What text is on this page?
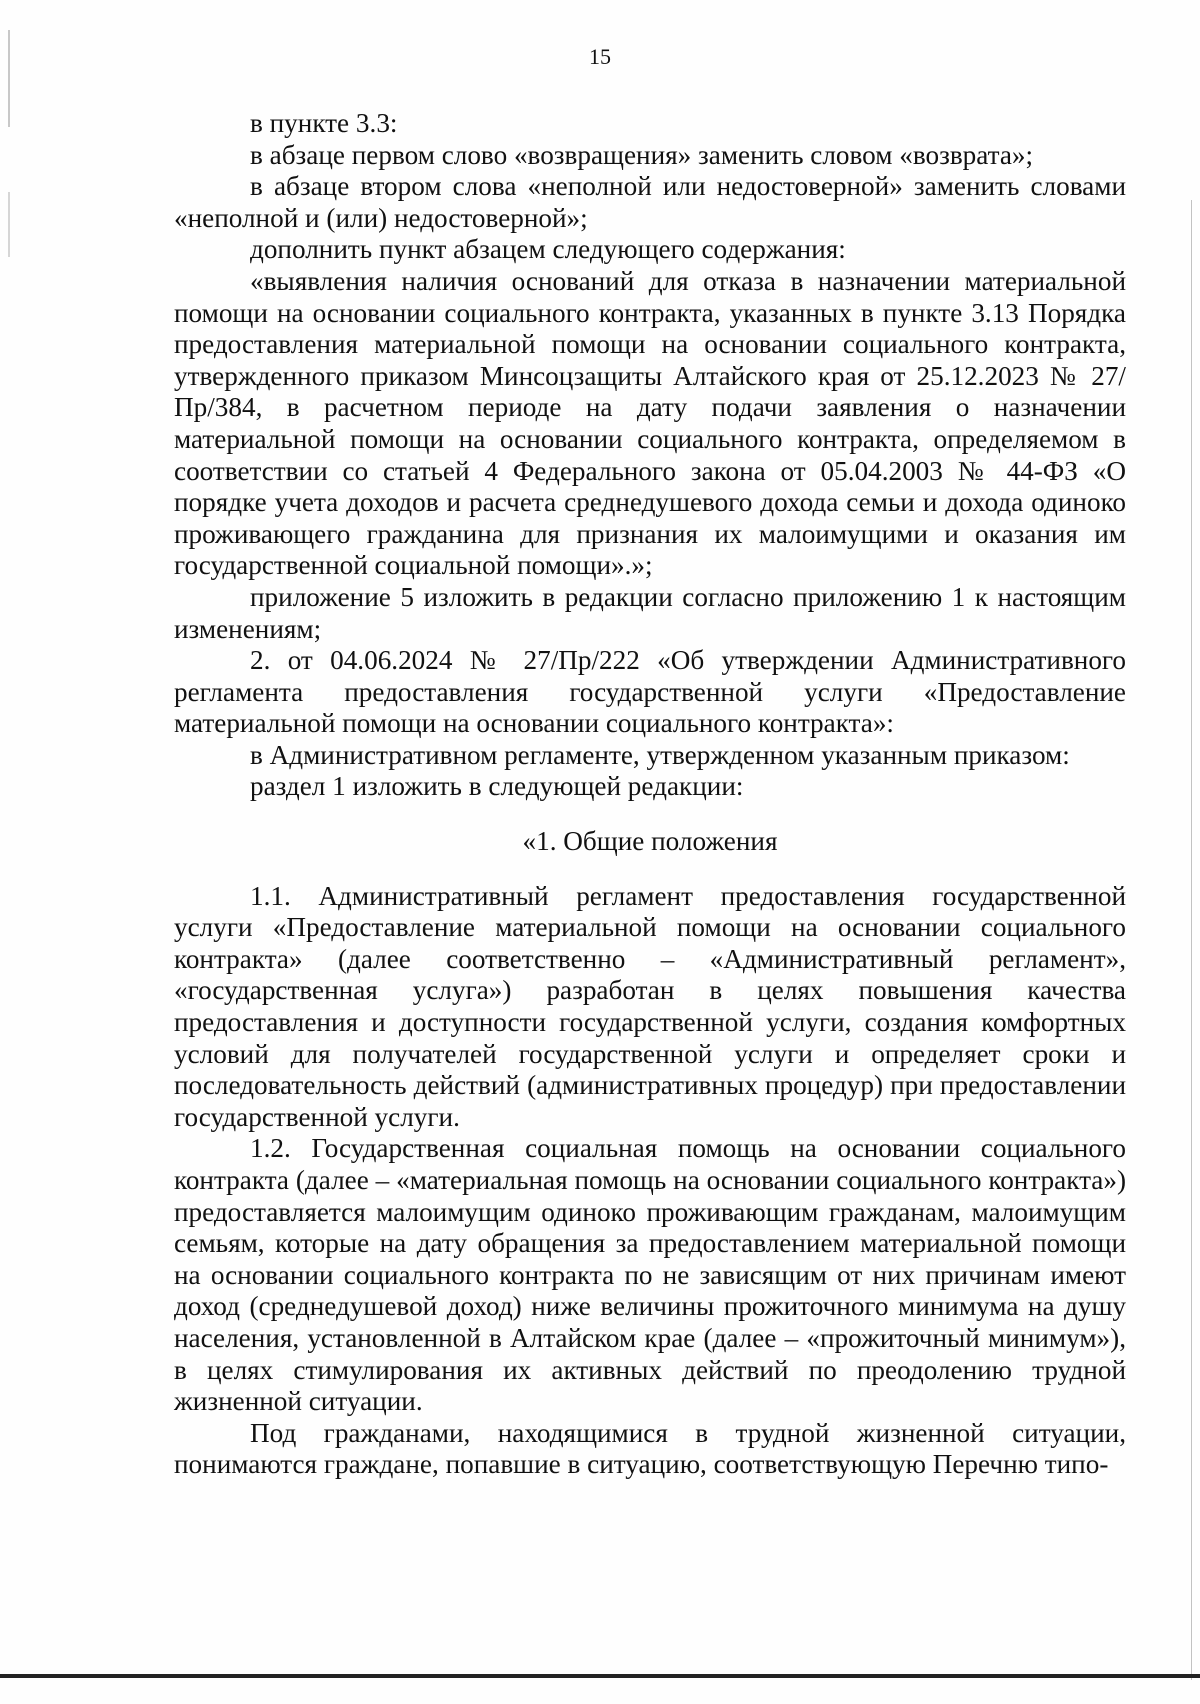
15

в пункте 3.3:

в абзаце первом слово «возвращения» заменить словом «возврата»;

в абзаце втором слова «неполной или недостоверной» заменить словами «неполной и (или) недостоверной»;

дополнить пункт абзацем следующего содержания:

«выявления наличия оснований для отказа в назначении материальной помощи на основании социального контракта, указанных в пункте 3.13 Порядка предоставления материальной помощи на основании социального контракта, утвержденного приказом Минсоцзащиты Алтайского края от 25.12.2023 № 27/Пр/384, в расчетном периоде на дату подачи заявления о назначении материальной помощи на основании социального контракта, определяемом в соответствии со статьей 4 Федерального закона от 05.04.2003 № 44-ФЗ «О порядке учета доходов и расчета среднедушевого дохода семьи и дохода одиноко проживающего гражданина для признания их малоимущими и оказания им государственной социальной помощи».»;

приложение 5 изложить в редакции согласно приложению 1 к настоящим изменениям;

2. от 04.06.2024 № 27/Пр/222 «Об утверждении Административного регламента предоставления государственной услуги «Предоставление материальной помощи на основании социального контракта»:

в Административном регламенте, утвержденном указанным приказом:

раздел 1 изложить в следующей редакции:

«1. Общие положения

1.1. Административный регламент предоставления государственной услуги «Предоставление материальной помощи на основании социального контракта» (далее соответственно – «Административный регламент», «государственная услуга») разработан в целях повышения качества предоставления и доступности государственной услуги, создания комфортных условий для получателей государственной услуги и определяет сроки и последовательность действий (административных процедур) при предоставлении государственной услуги.

1.2. Государственная социальная помощь на основании социального контракта (далее – «материальная помощь на основании социального контракта») предоставляется малоимущим одиноко проживающим гражданам, малоимущим семьям, которые на дату обращения за предоставлением материальной помощи на основании социального контракта по не зависящим от них причинам имеют доход (среднедушевой доход) ниже величины прожиточного минимума на душу населения, установленной в Алтайском крае (далее – «прожиточный минимум»), в целях стимулирования их активных действий по преодолению трудной жизненной ситуации.

Под гражданами, находящимися в трудной жизненной ситуации, понимаются граждане, попавшие в ситуацию, соответствующую Перечню типо-
